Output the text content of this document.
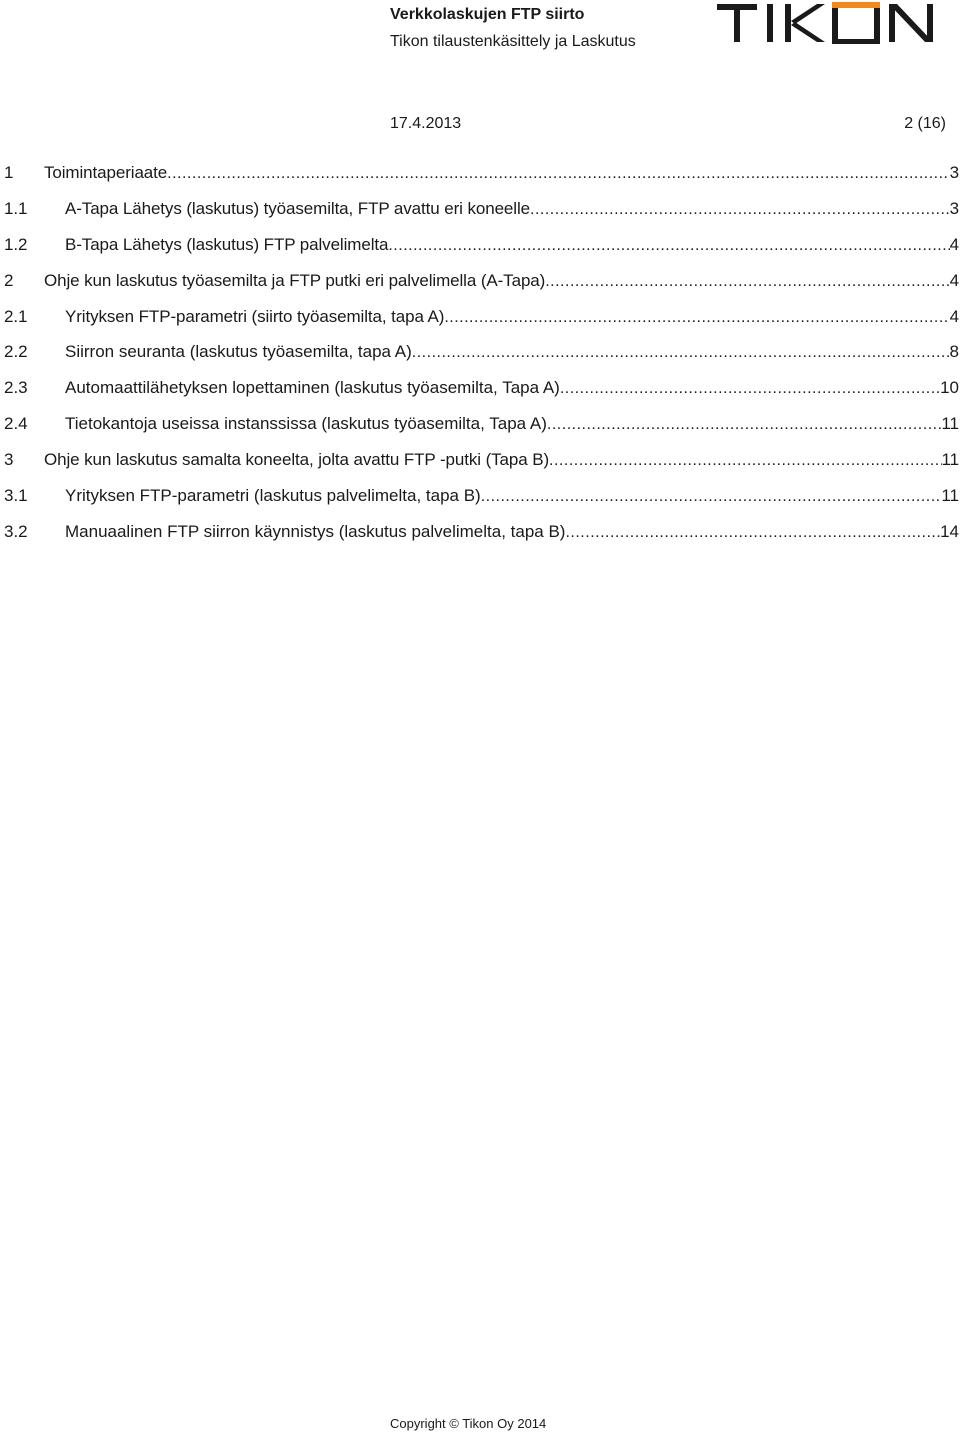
Verkkolaskujen FTP siirto
Tikon tilaustenkäsittely ja Laskutus
17.4.2013	2 (16)
1	Toimintaperiaate .....	3
1.1	A-Tapa Lähetys (laskutus) työasemilta, FTP avattu eri koneelle .....	3
1.2	B-Tapa Lähetys (laskutus) FTP palvelimelta .....	4
2	Ohje kun laskutus työasemilta ja FTP putki eri palvelimella (A-Tapa) .....	4
2.1	Yrityksen FTP-parametri (siirto työasemilta, tapa A) .....	4
2.2	Siirron seuranta (laskutus työasemilta, tapa A) .....	8
2.3	Automaattilähetyksen lopettaminen (laskutus työasemilta, Tapa A) .....	10
2.4	Tietokantoja useissa instanssissa (laskutus työasemilta, Tapa A) .....	11
3	Ohje kun laskutus samalta koneelta, jolta avattu FTP -putki (Tapa B) .....	11
3.1	Yrityksen FTP-parametri (laskutus palvelimelta, tapa B) .....	11
3.2	Manuaalinen FTP siirron käynnistys (laskutus palvelimelta, tapa B) .....	14
Copyright © Tikon Oy 2014
